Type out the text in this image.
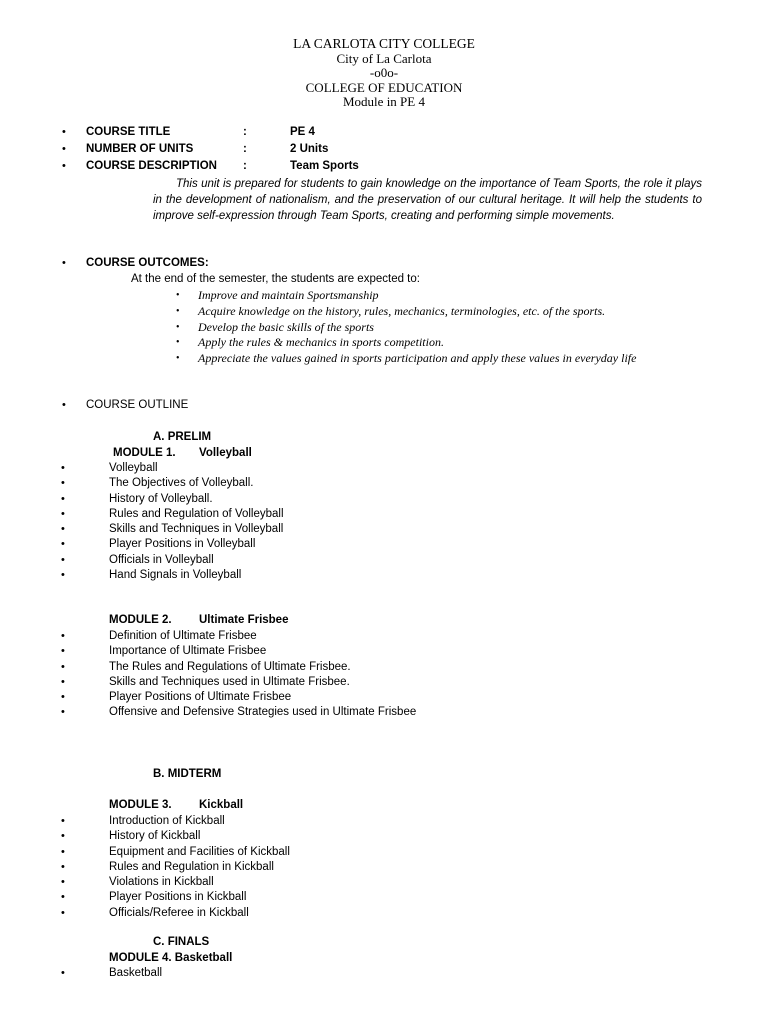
LA CARLOTA CITY COLLEGE
City of La Carlota
-o0o-
COLLEGE OF EDUCATION
Module in PE 4
• COURSE TITLE	:	PE 4
• NUMBER OF UNITS	:	2 Units
• COURSE DESCRIPTION :	Team Sports
This unit is prepared for students to gain knowledge on the importance of Team Sports, the role it plays in the development of nationalism, and the preservation of our cultural heritage. It will help the students to improve self-expression through Team Sports, creating and performing simple movements.
• COURSE OUTCOMES:
At the end of the semester, the students are expected to:
• Improve and maintain Sportsmanship
• Acquire knowledge on the history, rules, mechanics, terminologies, etc. of the sports.
• Develop the basic skills of the sports
• Apply the rules & mechanics in sports competition.
• Appreciate the values gained in sports participation and apply these values in everyday life
• COURSE OUTLINE
A. PRELIM
MODULE 1. Volleyball
•	Volleyball
•	The Objectives of Volleyball.
•	History of Volleyball.
•	Rules and Regulation of Volleyball
•	Skills and Techniques in Volleyball
•	Player Positions in Volleyball
•	Officials in Volleyball
•	Hand Signals in Volleyball
MODULE 2. Ultimate Frisbee
•	Definition of Ultimate Frisbee
•	Importance of Ultimate Frisbee
•	The Rules and Regulations of Ultimate Frisbee.
•	Skills and Techniques used in Ultimate Frisbee.
•	Player Positions of Ultimate Frisbee
•	Offensive and Defensive Strategies used in Ultimate Frisbee
B. MIDTERM
MODULE 3. Kickball
•	Introduction of Kickball
•	History of Kickball
•	Equipment and Facilities of Kickball
•	Rules and Regulation in Kickball
•	Violations in Kickball
•	Player Positions in Kickball
•	Officials/Referee in Kickball
C. FINALS
MODULE 4. Basketball
•	Basketball
